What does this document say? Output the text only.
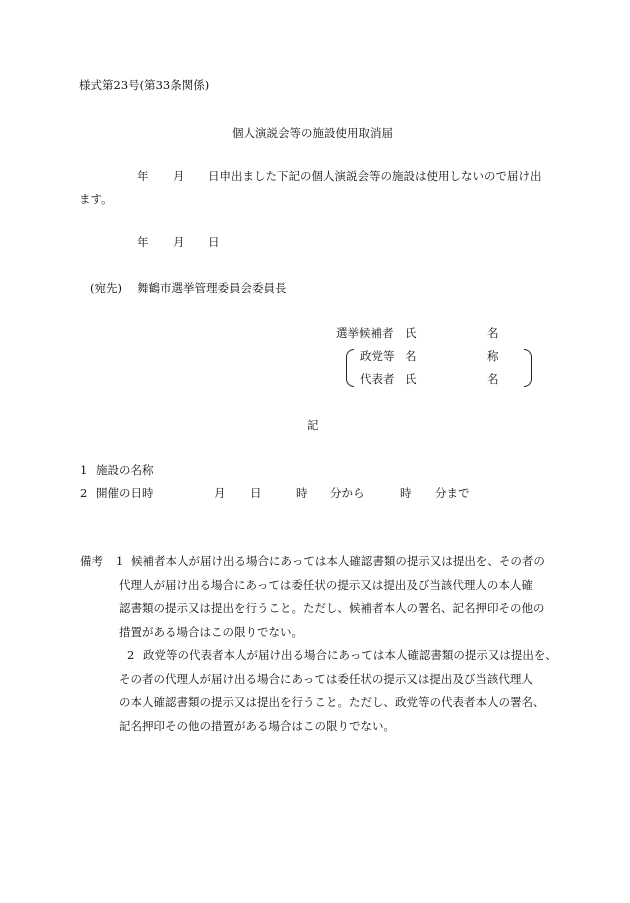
様式第23号(第33条関係)
個人演説会等の施設使用取消届
年 月 日申出ました下記の個人演説会等の施設は使用しないので届け出
ます。
年 月 日
(宛先) 舞鶴市選挙管理委員会委員長
選挙候補者 氏	名
政党等 名	称
代表者 氏	名
記
1 施設の名称
2 開催の日時	月 日	時 分から	時 分まで
備考 1 候補者本人が届け出る場合にあっては本人確認書類の提示又は提出を、その者の
代理人が届け出る場合にあっては委任状の提示又は提出及び当該代理人の本人確
認書類の提示又は提出を行うこと。ただし、候補者本人の署名、記名押印その他の
措置がある場合はこの限りでない。
2 政党等の代表者本人が届け出る場合にあっては本人確認書類の提示又は提出を、
その者の代理人が届け出る場合にあっては委任状の提示又は提出及び当該代理人
の本人確認書類の提示又は提出を行うこと。ただし、政党等の代表者本人の署名、
記名押印その他の措置がある場合はこの限りでない。
